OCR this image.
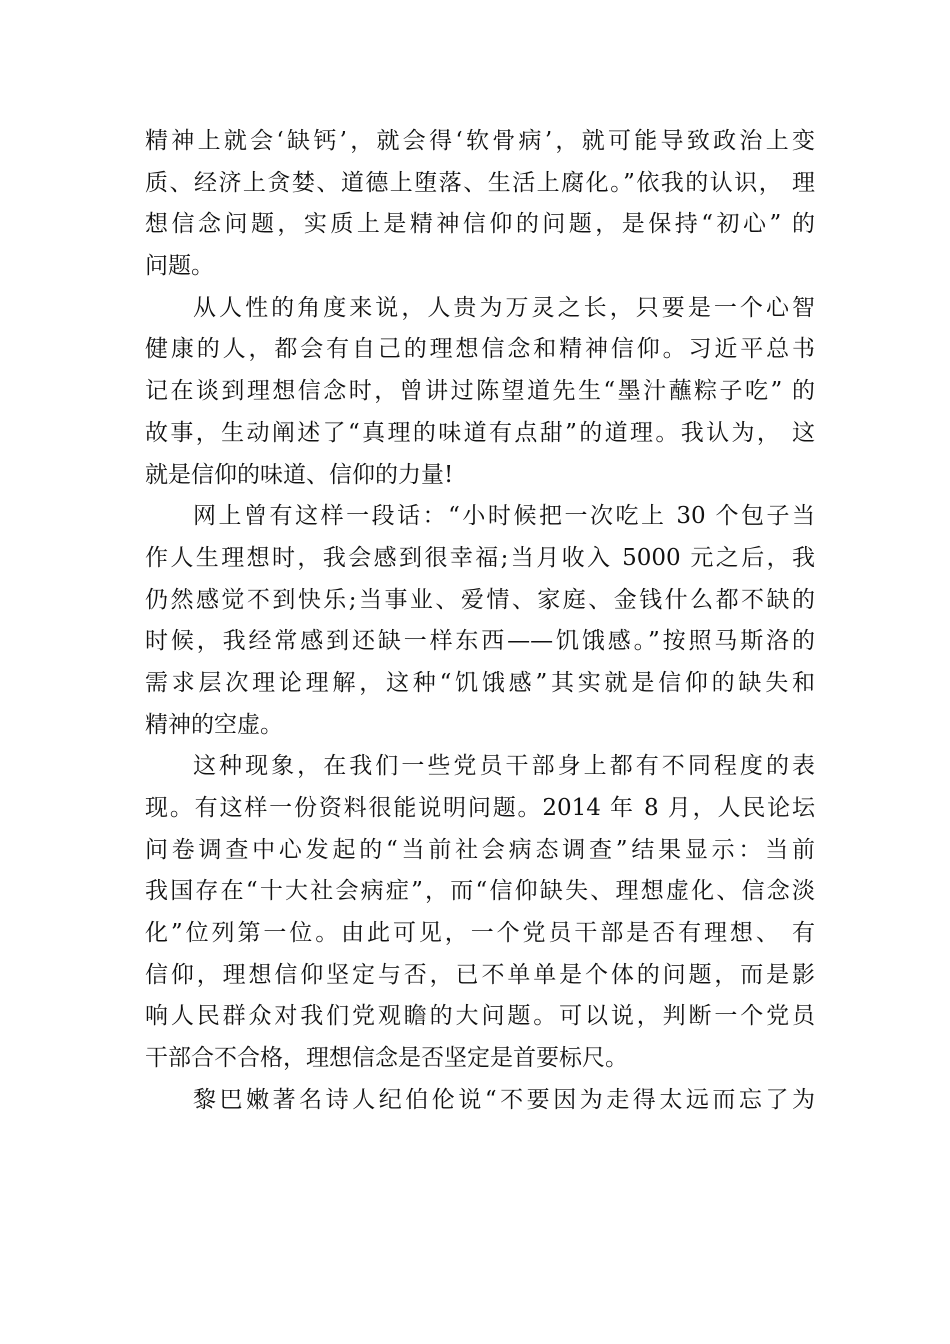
精神上就会‘缺钙’，就会得‘软骨病’，就可能导致政治上变
质、经济上贪婪、道德上堕落、生活上腐化。”依我的认识， 理
想信念问题，实质上是精神信仰的问题，是保持“初心” 的
问题。
从人性的角度来说，人贵为万灵之长，只要是一个心智
健康的人，都会有自己的理想信念和精神信仰。习近平总书
记在谈到理想信念时，曾讲过陈望道先生“墨汁蘸粽子吃” 的
故事，生动阐述了“真理的味道有点甜”的道理。我认为， 这
就是信仰的味道、信仰的力量!
网上曾有这样一段话：“小时候把一次吃上 30 个包子当
作人生理想时，我会感到很幸福;当月收入 5000 元之后，我
仍然感觉不到快乐;当事业、爱情、家庭、金钱什么都不缺的
时候，我经常感到还缺一样东西——饥饿感。”按照马斯洛的
需求层次理论理解，这种“饥饿感”其实就是信仰的缺失和
精神的空虚。
这种现象，在我们一些党员干部身上都有不同程度的表
现。有这样一份资料很能说明问题。2014 年 8 月，人民论坛
问卷调查中心发起的“当前社会病态调查”结果显示：当前
我国存在“十大社会病症”，而“信仰缺失、理想虚化、信念淡
化”位列第一位。由此可见，一个党员干部是否有理想、 有
信仰，理想信仰坚定与否，已不单单是个体的问题，而是影
响人民群众对我们党观瞻的大问题。可以说，判断一个党员
干部合不合格，理想信念是否坚定是首要标尺。
黎巴嫩著名诗人纪伯伦说“不要因为走得太远而忘了为
